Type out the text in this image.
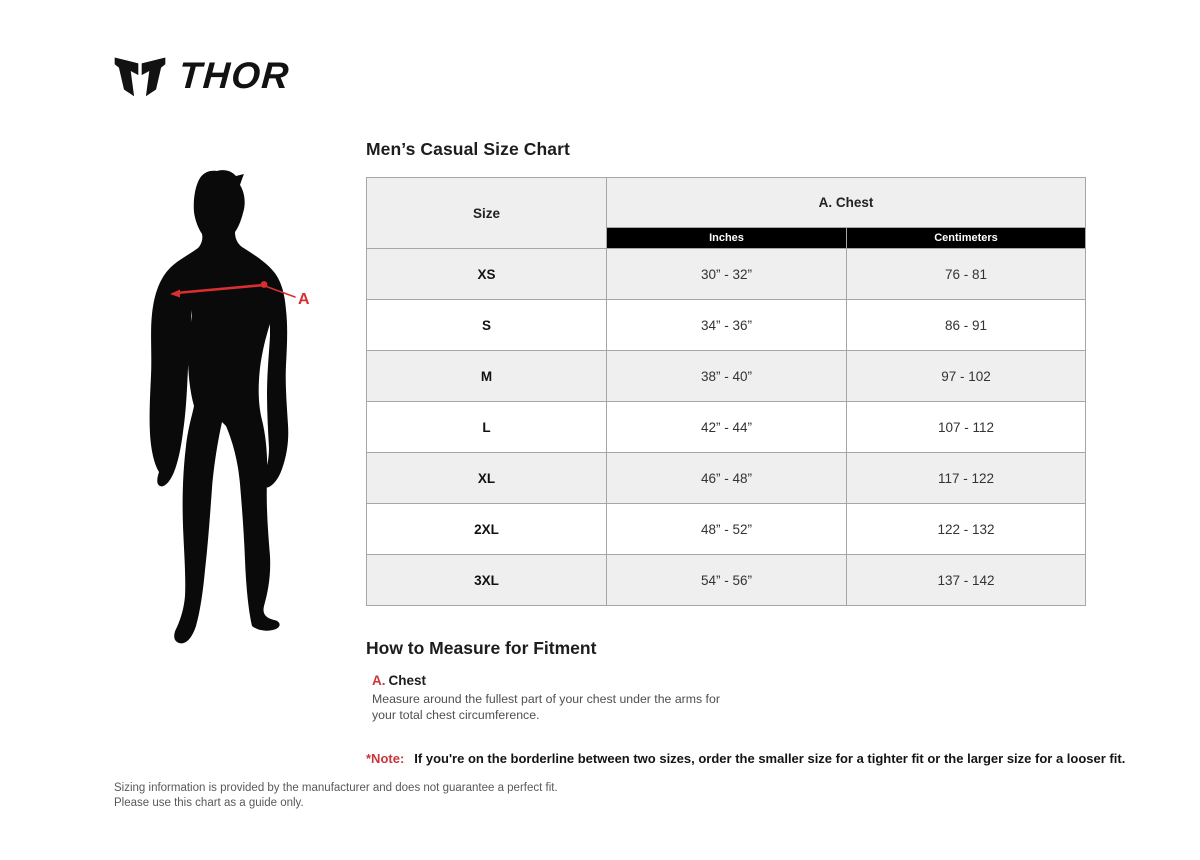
THOR
A
Men’s Casual Size Chart
Size	A. Chest	
	Inches	Centimeters
XS	30” - 32”	76 - 81
S	34” - 36”	86 - 91
M	38” - 40”	97 - 102
L	42” - 44”	107 - 112
XL	46” - 48”	117 - 122
2XL	48” - 52”	122 - 132
3XL	54” - 56”	137 - 142
How to Measure for Fitment
A. Chest
Measure around the fullest part of your chest under the arms for your total chest circumference.
*Note: If you're on the borderline between two sizes, order the smaller size for a tighter fit or the larger size for a looser fit.
Sizing information is provided by the manufacturer and does not guarantee a perfect fit.
Please use this chart as a guide only.
